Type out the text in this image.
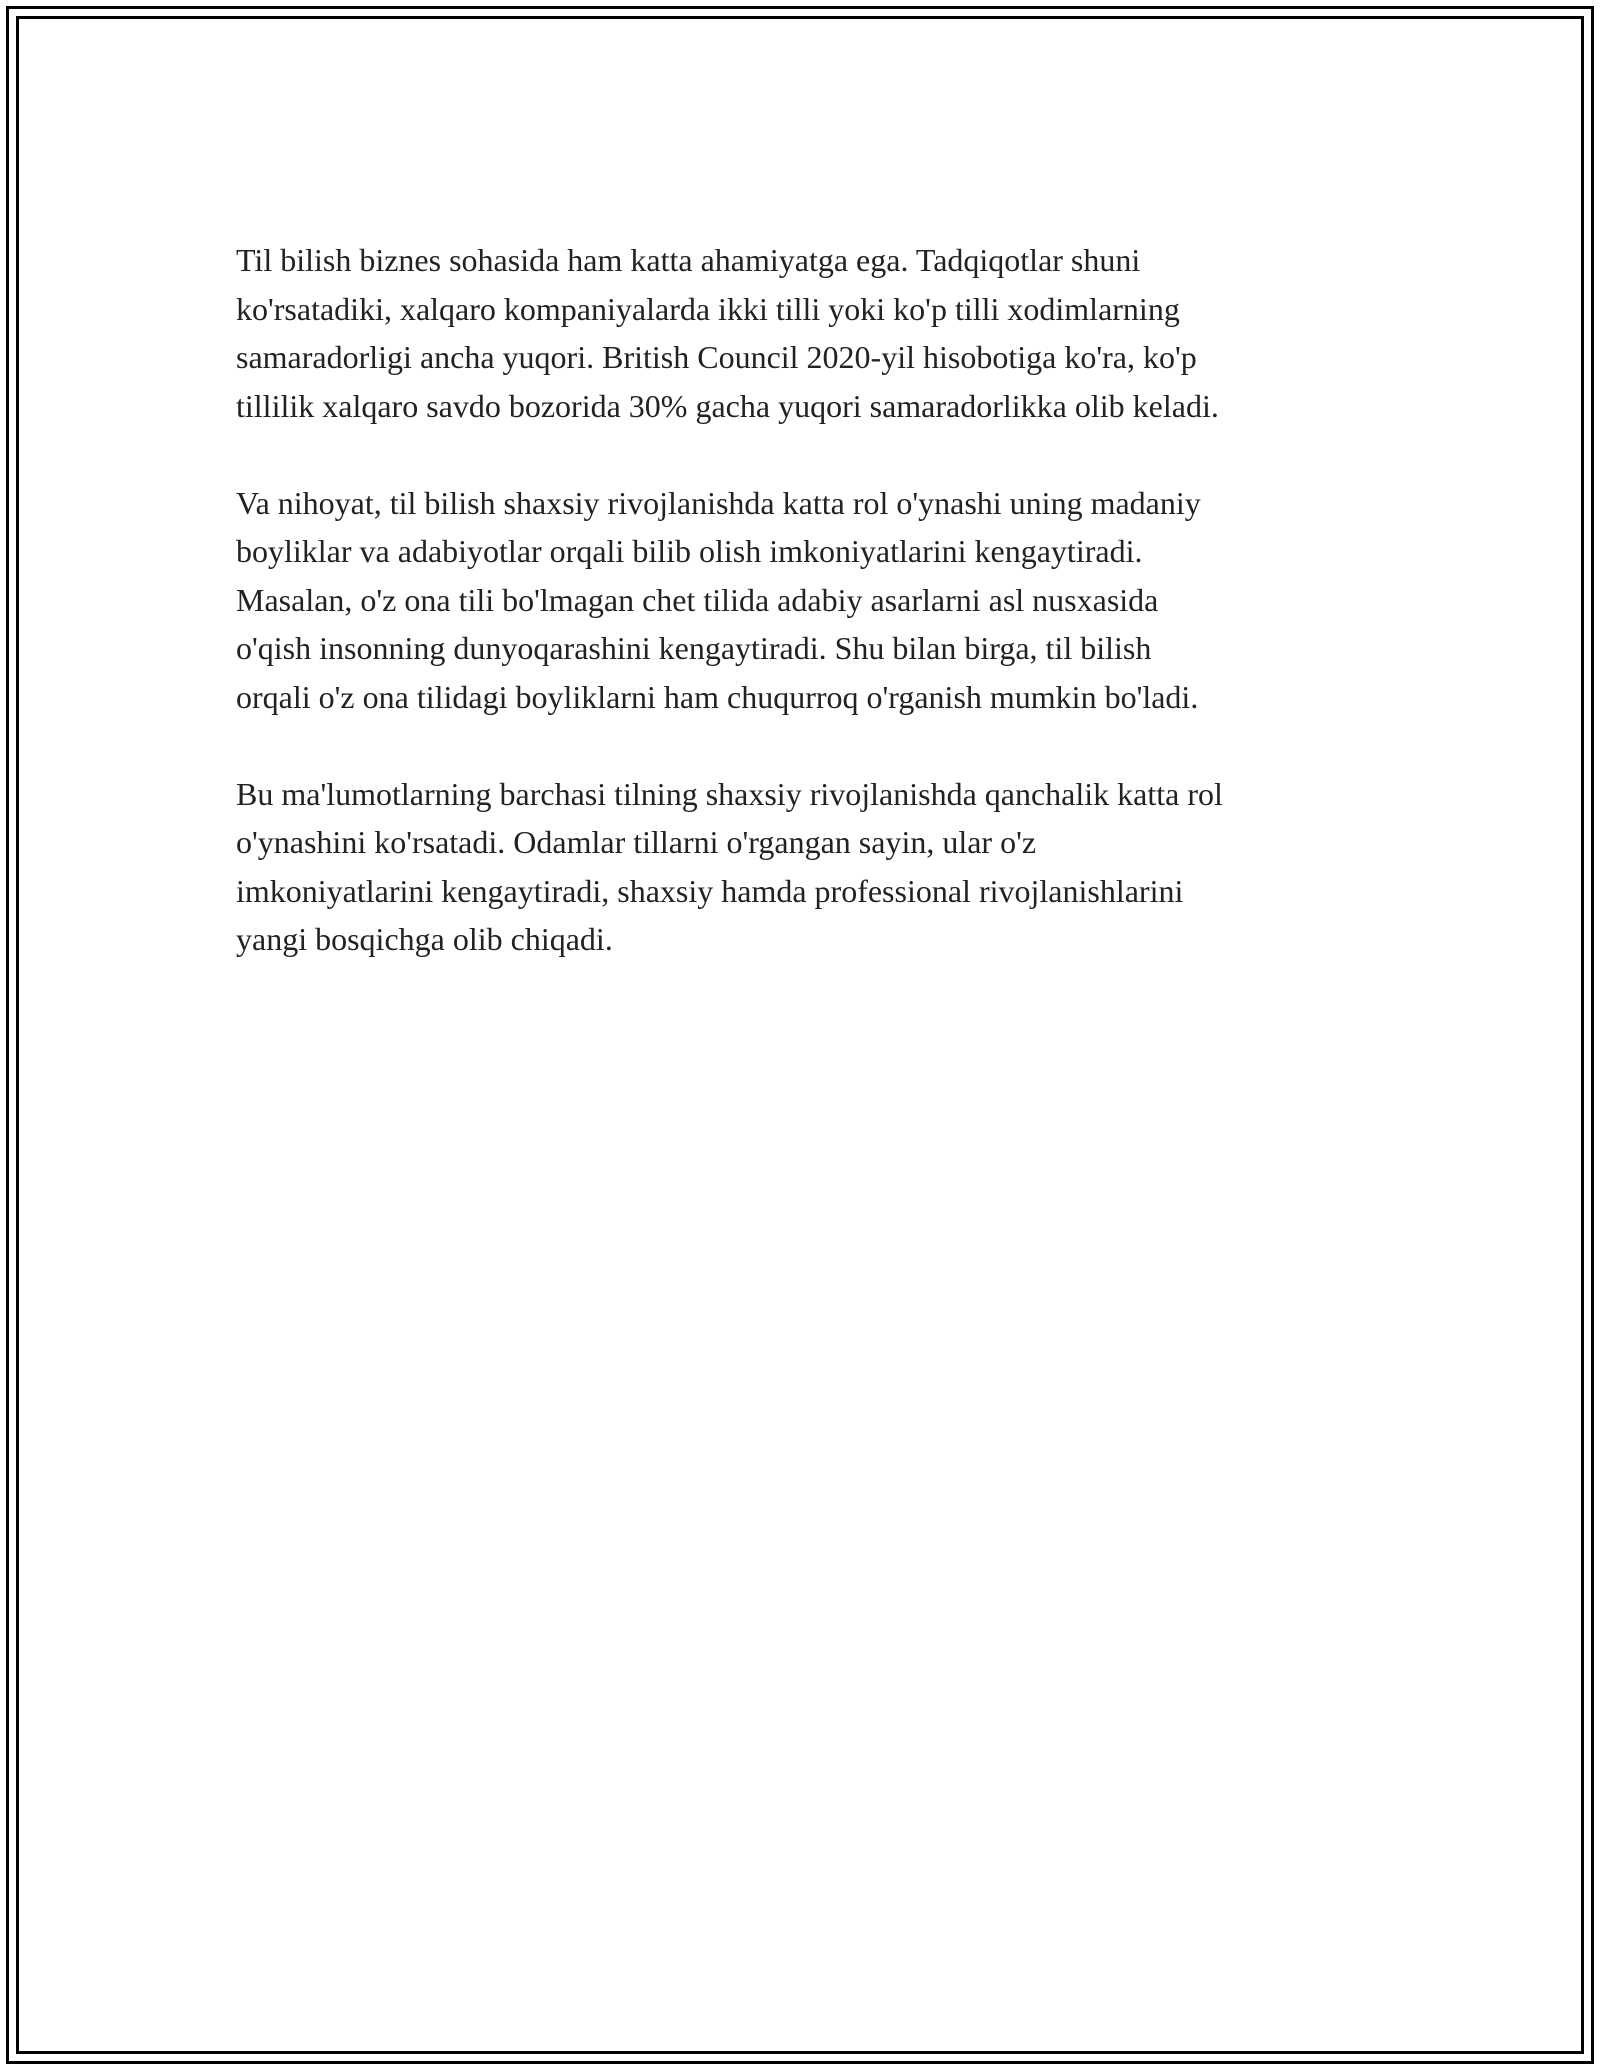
Til bilish biznes sohasida ham katta ahamiyatga ega. Tadqiqotlar shuni
ko'rsatadiki, xalqaro kompaniyalarda ikki tilli yoki ko'p tilli xodimlarning
samaradorligi ancha yuqori. British Council 2020-yil hisobotiga ko'ra, ko'p
tillilik xalqaro savdo bozorida 30% gacha yuqori samaradorlikka olib keladi.

Va nihoyat, til bilish shaxsiy rivojlanishda katta rol o'ynashi uning madaniy
boyliklar va adabiyotlar orqali bilib olish imkoniyatlarini kengaytiradi.
Masalan, o'z ona tili bo'lmagan chet tilida adabiy asarlarni asl nusxasida
o'qish insonning dunyoqarashini kengaytiradi. Shu bilan birga, til bilish
orqali o'z ona tilidagi boyliklarni ham chuqurroq o'rganish mumkin bo'ladi.

Bu ma'lumotlarning barchasi tilning shaxsiy rivojlanishda qanchalik katta rol
o'ynashini ko'rsatadi. Odamlar tillarni o'rgangan sayin, ular o'z
imkoniyatlarini kengaytiradi, shaxsiy hamda professional rivojlanishlarini
yangi bosqichga olib chiqadi.
